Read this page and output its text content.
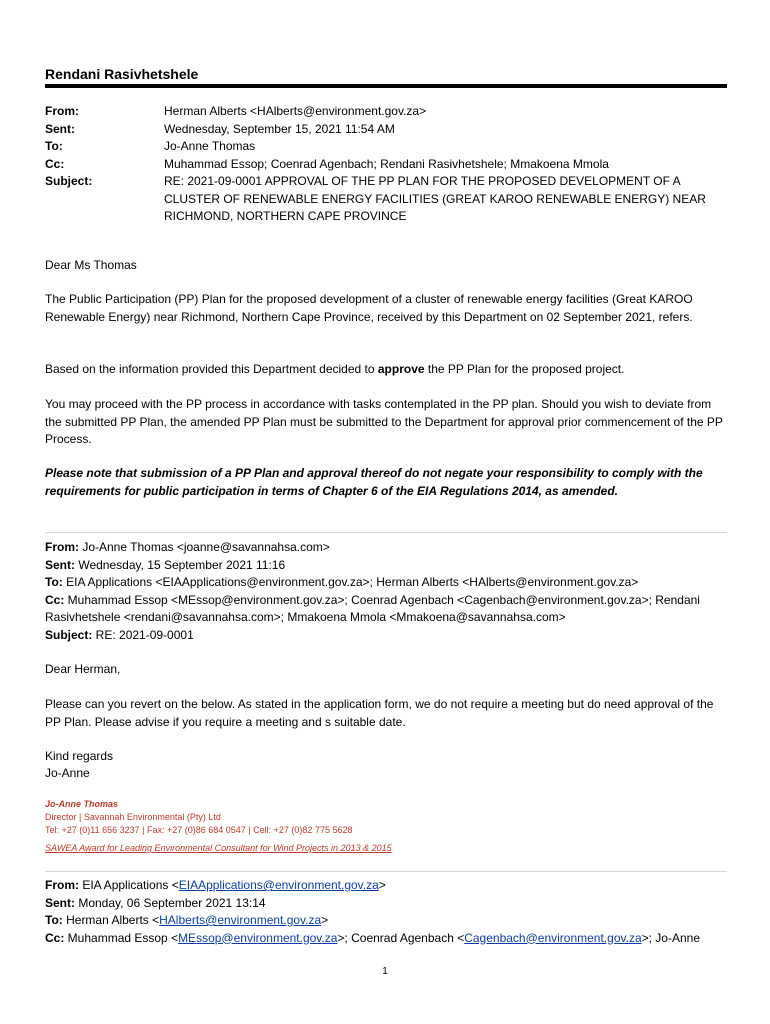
Rendani Rasivhetshele
From:	Herman Alberts <HAlberts@environment.gov.za>
Sent:	Wednesday, September 15, 2021 11:54 AM
To:	Jo-Anne Thomas
Cc:	Muhammad Essop; Coenrad Agenbach; Rendani Rasivhetshele; Mmakoena Mmola
Subject:	RE: 2021-09-0001 APPROVAL OF THE PP PLAN FOR THE PROPOSED DEVELOPMENT OF A CLUSTER OF RENEWABLE ENERGY FACILITIES (GREAT KAROO RENEWABLE ENERGY) NEAR RICHMOND, NORTHERN CAPE PROVINCE

Dear Ms Thomas

The Public Participation (PP) Plan for the proposed development of a cluster of renewable energy facilities (Great KAROO Renewable Energy) near Richmond, Northern Cape Province, received by this Department on 02 September 2021, refers.

Based on the information provided this Department decided to approve the PP Plan for the proposed project.

You may proceed with the PP process in accordance with tasks contemplated in the PP plan. Should you wish to deviate from the submitted PP Plan, the amended PP Plan must be submitted to the Department for approval prior commencement of the PP Process.

Please note that submission of a PP Plan and approval thereof do not negate your responsibility to comply with the requirements for public participation in terms of Chapter 6 of the EIA Regulations 2014, as amended.

From: Jo-Anne Thomas <joanne@savannahsa.com>
Sent: Wednesday, 15 September 2021 11:16
To: EIA Applications <EIAApplications@environment.gov.za>; Herman Alberts <HAlberts@environment.gov.za>
Cc: Muhammad Essop <MEssop@environment.gov.za>; Coenrad Agenbach <Cagenbach@environment.gov.za>; Rendani Rasivhetshele <rendani@savannahsa.com>; Mmakoena Mmola <Mmakoena@savannahsa.com>
Subject: RE: 2021-09-0001

Dear Herman,

Please can you revert on the below. As stated in the application form, we do not require a meeting but do need approval of the PP Plan. Please advise if you require a meeting and s suitable date.

Kind regards

Jo-Anne

Jo-Anne Thomas
Director | Savannah Environmental (Pty) Ltd
Tel: +27 (0)11 656 3237 | Fax: +27 (0)86 684 0547 | Cell: +27 (0)82 775 5628
SAWEA Award for Leading Environmental Consultant for Wind Projects in 2013 & 2015
From: EIA Applications <EIAApplications@environment.gov.za>
Sent: Monday, 06 September 2021 13:14
To: Herman Alberts <HAlberts@environment.gov.za>
Cc: Muhammad Essop <MEssop@environment.gov.za>; Coenrad Agenbach <Cagenbach@environment.gov.za>; Jo-Anne
1
